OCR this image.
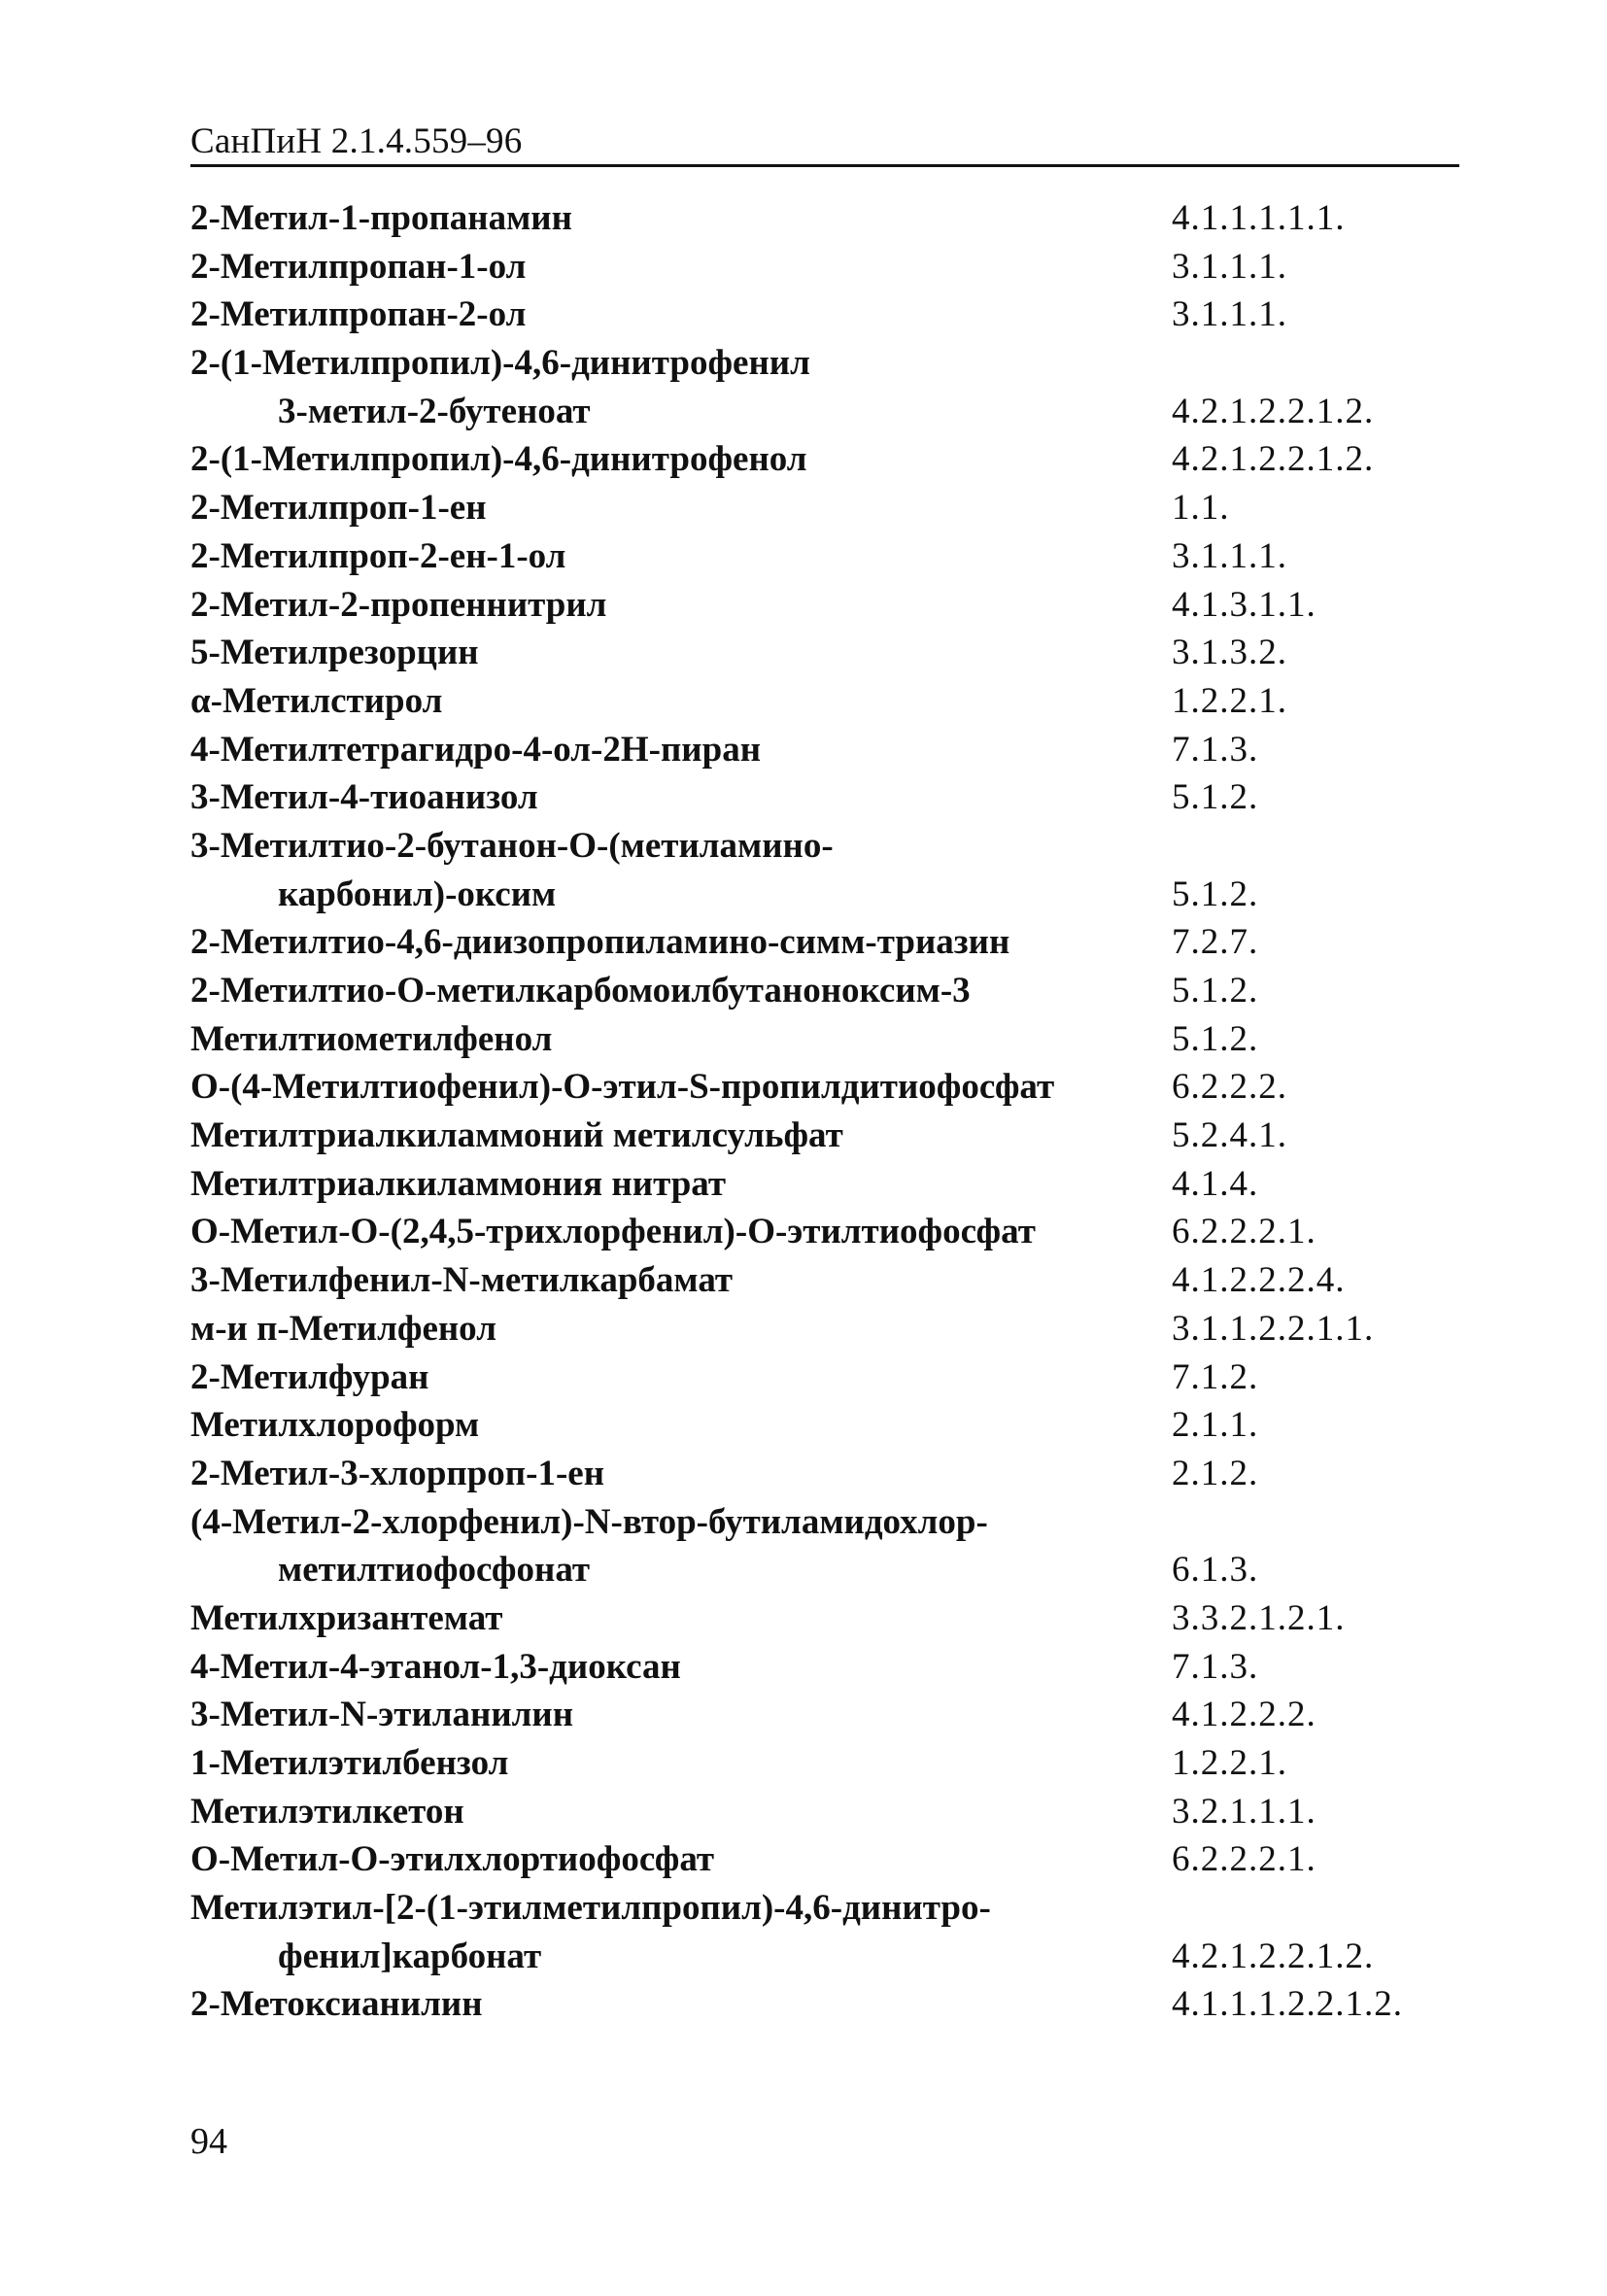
СанПиН 2.1.4.559–96
2-Метил-1-пропанамин	4.1.1.1.1.1.
2-Метилпропан-1-ол	3.1.1.1.
2-Метилпропан-2-ол	3.1.1.1.
2-(1-Метилпропил)-4,6-динитрофенил
3-метил-2-бутеноат	4.2.1.2.2.1.2.
2-(1-Метилпропил)-4,6-динитрофенол	4.2.1.2.2.1.2.
2-Метилпроп-1-ен	1.1.
2-Метилпроп-2-ен-1-ол	3.1.1.1.
2-Метил-2-пропеннитрил	4.1.3.1.1.
5-Метилрезорцин	3.1.3.2.
α-Метилстирол	1.2.2.1.
4-Метилтетрагидро-4-ол-2Н-пиран	7.1.3.
3-Метил-4-тиоанизол	5.1.2.
3-Метилтио-2-бутанон-О-(метиламино-
карбонил)-оксим	5.1.2.
2-Метилтио-4,6-диизопропиламино-симм-триазин	7.2.7.
2-Метилтио-О-метилкарбомоилбутаноноксим-3	5.1.2.
Метилтиометилфенол	5.1.2.
О-(4-Метилтиофенил)-О-этил-S-пропилдитиофосфат	6.2.2.2.
Метилтриалкиламмоний метилсульфат	5.2.4.1.
Метилтриалкиламмония нитрат	4.1.4.
О-Метил-О-(2,4,5-трихлорфенил)-О-этилтиофосфат	6.2.2.2.1.
3-Метилфенил-N-метилкарбамат	4.1.2.2.2.4.
м-и п-Метилфенол	3.1.1.2.2.1.1.
2-Метилфуран	7.1.2.
Метилхлороформ	2.1.1.
2-Метил-3-хлорпроп-1-ен	2.1.2.
(4-Метил-2-хлорфенил)-N-втор-бутиламидохлор-
метилтиофосфонат	6.1.3.
Метилхризантемат	3.3.2.1.2.1.
4-Метил-4-этанол-1,3-диоксан	7.1.3.
3-Метил-N-этиланилин	4.1.2.2.2.
1-Метилэтилбензол	1.2.2.1.
Метилэтилкетон	3.2.1.1.1.
О-Метил-О-этилхлортиофосфат	6.2.2.2.1.
Метилэтил-[2-(1-этилметилпропил)-4,6-динитро-
фенил]карбонат	4.2.1.2.2.1.2.
2-Метоксианилин	4.1.1.1.2.2.1.2.
94
